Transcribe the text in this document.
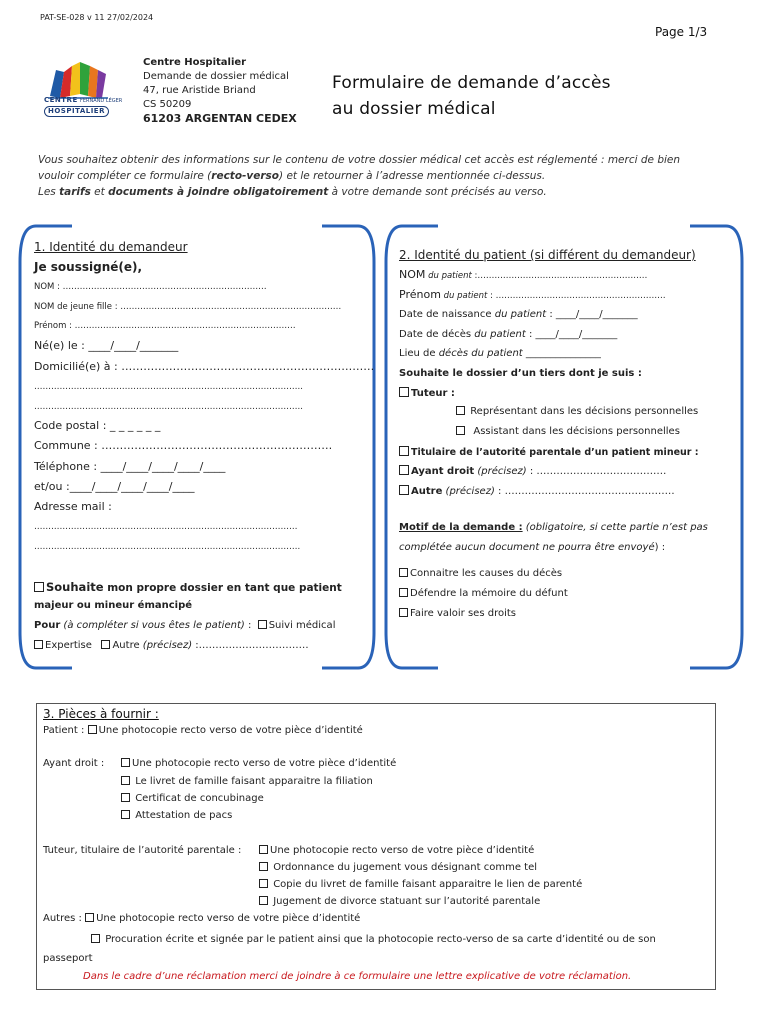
PAT-SE-028 v 11 27/02/2024
Page 1/3
CENTRE FERNAND LÉGER
HOSPITALIER
Centre Hospitalier
Demande de dossier médical
47, rue Aristide Briand
CS 50209
61203 ARGENTAN CEDEX
Formulaire de demande d’accès
au dossier médical
Vous souhaitez obtenir des informations sur le contenu de votre dossier médical cet accès est réglementé : merci de bien
vouloir compléter ce formulaire (recto-verso) et le retourner à l’adresse mentionnée ci-dessus.
Les tarifs et documents à joindre obligatoirement à votre demande sont précisés au verso.
1. Identité du demandeur
Je soussigné(e),
NOM : ………………………………………………………………
NOM de jeune fille : ……………………………………………………………………
Prénom : ……………………………………………………………………
Né(e) le : ____/____/_______
Domicilié(e) à : ……………………………………………………………
…………………………………………………………………………………..
…………………………………………………………………………………..
Code postal : _ _ _ _ _ _
Commune : ………………………………………………………
Téléphone : ____/____/____/____/____
et/ou :____/____/____/____/____
Adresse mail :
…………………………………………………………………………………
………………………………………………………………………………….
Souhaite mon propre dossier en tant que patient
majeur ou mineur émancipé
Pour (à compléter si vous êtes le patient) : Suivi médical
Expertise Autre (précisez) :……………………………
2. Identité du patient (si différent du demandeur)
NOM du patient :……………………………………………………
Prénom du patient : ……………………………………………………
Date de naissance du patient : ____/____/_______
Date de décès du patient : ____/____/_______
Lieu de décès du patient _______________
Souhaite le dossier d’un tiers dont je suis :
Tuteur :
Représentant dans les décisions personnelles
Assistant dans les décisions personnelles
Titulaire de l’autorité parentale d’un patient mineur :
Ayant droit (précisez) : …………………………………
Autre (précisez) : ……………………………………………
Motif de la demande : (obligatoire, si cette partie n’est pas
complétée aucun document ne pourra être envoyé) :
Connaitre les causes du décès
Défendre la mémoire du défunt
Faire valoir ses droits
3. Pièces à fournir :
Patient : Une photocopie recto verso de votre pièce d’identité
Ayant droit :	Une photocopie recto verso de votre pièce d’identité
Le livret de famille faisant apparaitre la filiation
Certificat de concubinage
Attestation de pacs
Tuteur, titulaire de l’autorité parentale :	Une photocopie recto verso de votre pièce d’identité
Ordonnance du jugement vous désignant comme tel
Copie du livret de famille faisant apparaitre le lien de parenté
Jugement de divorce statuant sur l’autorité parentale
Autres : Une photocopie recto verso de votre pièce d’identité
Procuration écrite et signée par le patient ainsi que la photocopie recto-verso de sa carte d’identité ou de son
passeport
Dans le cadre d’une réclamation merci de joindre à ce formulaire une lettre explicative de votre réclamation.
